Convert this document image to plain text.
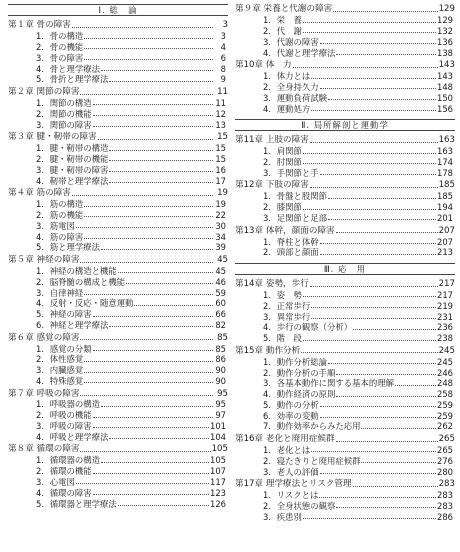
Ⅰ. 総　論
第１章 骨の障害	3
1．骨の構造	3
2．骨の機能	4
3．骨の障害	6
4．骨と理学療法	8
5．骨折と理学療法	9
第２章 関節の障害	11
1．関節の構造	11
2．関節の機能	12
3．関節の障害	13
第３章 腱・靭帯の障害	15
1．腱・靭帯の構造	15
2．腱・靭帯の機能	15
3．腱・靭帯の障害	16
4．靭帯と理学療法	17
第４章 筋の障害	19
1．筋の構造	19
2．筋の機能	22
3．筋電図	30
4．筋の障害	34
5．筋と理学療法	39
第５章 神経の障害	45
1．神経の構造と機能	45
2．脳脊髄の構成と機能	46
3．自律神経	59
4．反射・反応・随意運動	60
5．神経の障害	66
6．神経と理学療法	82
第６章 感覚の障害	85
1．感覚の分類	85
2．体性感覚	86
3．内臓感覚	90
4．特殊感覚	90
第７章 呼吸の障害	95
1．呼吸器の構造	95
2．呼吸の機能	97
3．呼吸の障害	101
4．呼吸と理学療法	104
第８章 循環の障害	105
1．循環器の構造	105
2．循環の機能	107
3．心電図	117
4．循環の障害	123
5．循環器と理学療法	126
第９章 栄養と代謝の障害	129
1．栄　養	129
2．代　謝	132
3．代謝の障害	136
4．代謝と理学療法	138
第10章 体　力	143
1．体力とは	143
2．全身持久力	148
3．運動負荷試験	150
4．運動処方	156
Ⅱ. 局所解剖と運動学
第11章 上肢の障害	163
1．肩関節	163
2．肘関節	174
3．手関節と手	178
第12章 下肢の障害	185
1．骨盤と股関節	185
2．膝関節	194
3．足関節と足部	201
第13章 体幹，顔面の障害	207
1．脊柱と体幹	207
2．頭部と顔面	213
Ⅲ. 応　用
第14章 姿勢，歩行	217
1．姿　勢	217
2．正常歩行	219
3．異常歩行	231
4．歩行の観察（分析）	236
5．階　段	238
第15章 動作分析	245
1．動作分析総論	245
2．動作分析の手順	246
3．各基本動作に関する基本的理解	248
4．動作経済の原則	258
5．動作の分析	259
6．効率の変動	259
7．動作効率からみた応用	262
第16章 老化と廃用症候群	265
1．老化とは	265
2．寝たきりと廃用症候群	276
3．老人の評価	280
第17章 理学療法とリスク管理	283
1．リスクとは	283
2．全身状態の観察	283
3．疾患別	286
